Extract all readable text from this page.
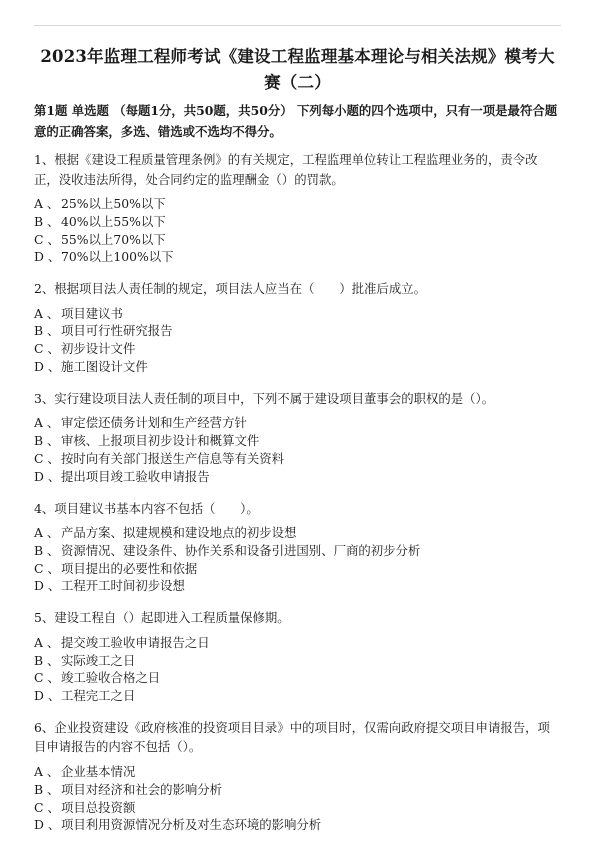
2023年监理工程师考试《建设工程监理基本理论与相关法规》模考大赛（二）
第1题 单选题 （每题1分，共50题，共50分） 下列每小题的四个选项中，只有一项是最符合题意的正确答案，多选、错选或不选均不得分。

1、根据《建设工程质量管理条例》的有关规定，工程监理单位转让工程监理业务的，责令改正，没收违法所得，处合同约定的监理酬金（）的罚款。

A 、 25%以上50%以下
B 、 40%以上55%以下
C 、 55%以上70%以下
D 、 70%以上100%以下

2、根据项目法人责任制的规定，项目法人应当在（　　）批准后成立。

A 、 项目建议书
B 、 项目可行性研究报告
C 、 初步设计文件
D 、 施工图设计文件

3、实行建设项目法人责任制的项目中，下列不属于建设项目董事会的职权的是（）。

A 、 审定偿还债务计划和生产经营方针
B 、 审核、上报项目初步设计和概算文件
C 、 按时向有关部门报送生产信息等有关资料
D 、 提出项目竣工验收申请报告

4、项目建议书基本内容不包括（　　）。

A 、 产品方案、拟建规模和建设地点的初步设想
B 、 资源情况、建设条件、协作关系和设备引进国别、厂商的初步分析
C 、 项目提出的必要性和依据
D 、 工程开工时间初步设想

5、建设工程自（）起即进入工程质量保修期。

A 、 提交竣工验收申请报告之日
B 、 实际竣工之日
C 、 竣工验收合格之日
D 、 工程完工之日

6、企业投资建设《政府核准的投资项目目录》中的项目时，仅需向政府提交项目申请报告，项目申请报告的内容不包括（）。

A 、 企业基本情况
B 、 项目对经济和社会的影响分析
C 、 项目总投资额
D 、 项目利用资源情况分析及对生态环境的影响分析
